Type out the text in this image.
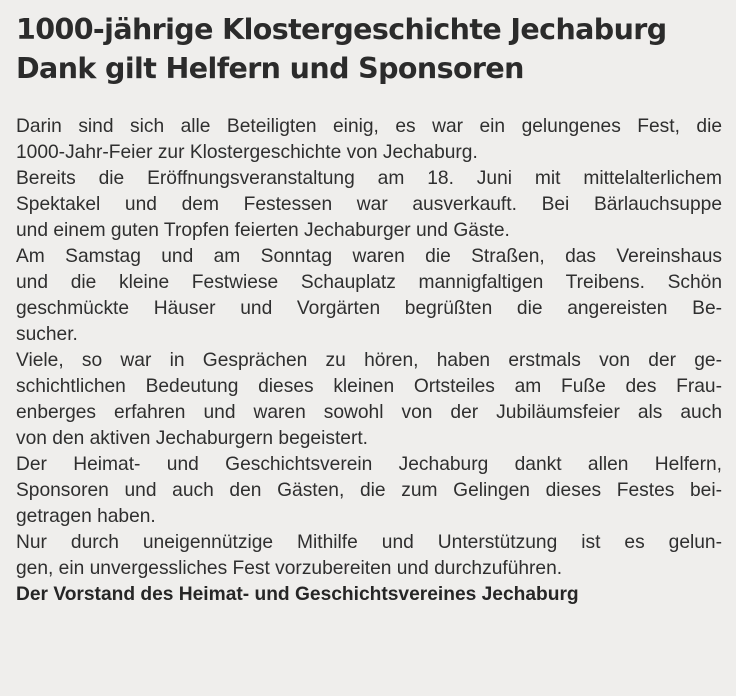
1000-jährige Klostergeschichte Jechaburg
Dank gilt Helfern und Sponsoren
Darin sind sich alle Beteiligten einig, es war ein gelungenes Fest, die
1000-Jahr-Feier zur Klostergeschichte von Jechaburg.
Bereits die Eröffnungsveranstaltung am 18. Juni mit mittelalterlichem
Spektakel und dem Festessen war ausverkauft. Bei Bärlauchsuppe
und einem guten Tropfen feierten Jechaburger und Gäste.
Am Samstag und am Sonntag waren die Straßen, das Vereinshaus
und die kleine Festwiese Schauplatz mannigfaltigen Treibens. Schön
geschmückte Häuser und Vorgärten begrüßten die angereisten Be-
sucher.
Viele, so war in Gesprächen zu hören, haben erstmals von der ge-
schichtlichen Bedeutung dieses kleinen Ortsteiles am Fuße des Frau-
enberges erfahren und waren sowohl von der Jubiläumsfeier als auch
von den aktiven Jechaburgern begeistert.
Der Heimat- und Geschichtsverein Jechaburg dankt allen Helfern,
Sponsoren und auch den Gästen, die zum Gelingen dieses Festes bei-
getragen haben.
Nur durch uneigennützige Mithilfe und Unterstützung ist es gelun-
gen, ein unvergessliches Fest vorzubereiten und durchzuführen.
Der Vorstand des Heimat- und Geschichtsvereines Jechaburg
